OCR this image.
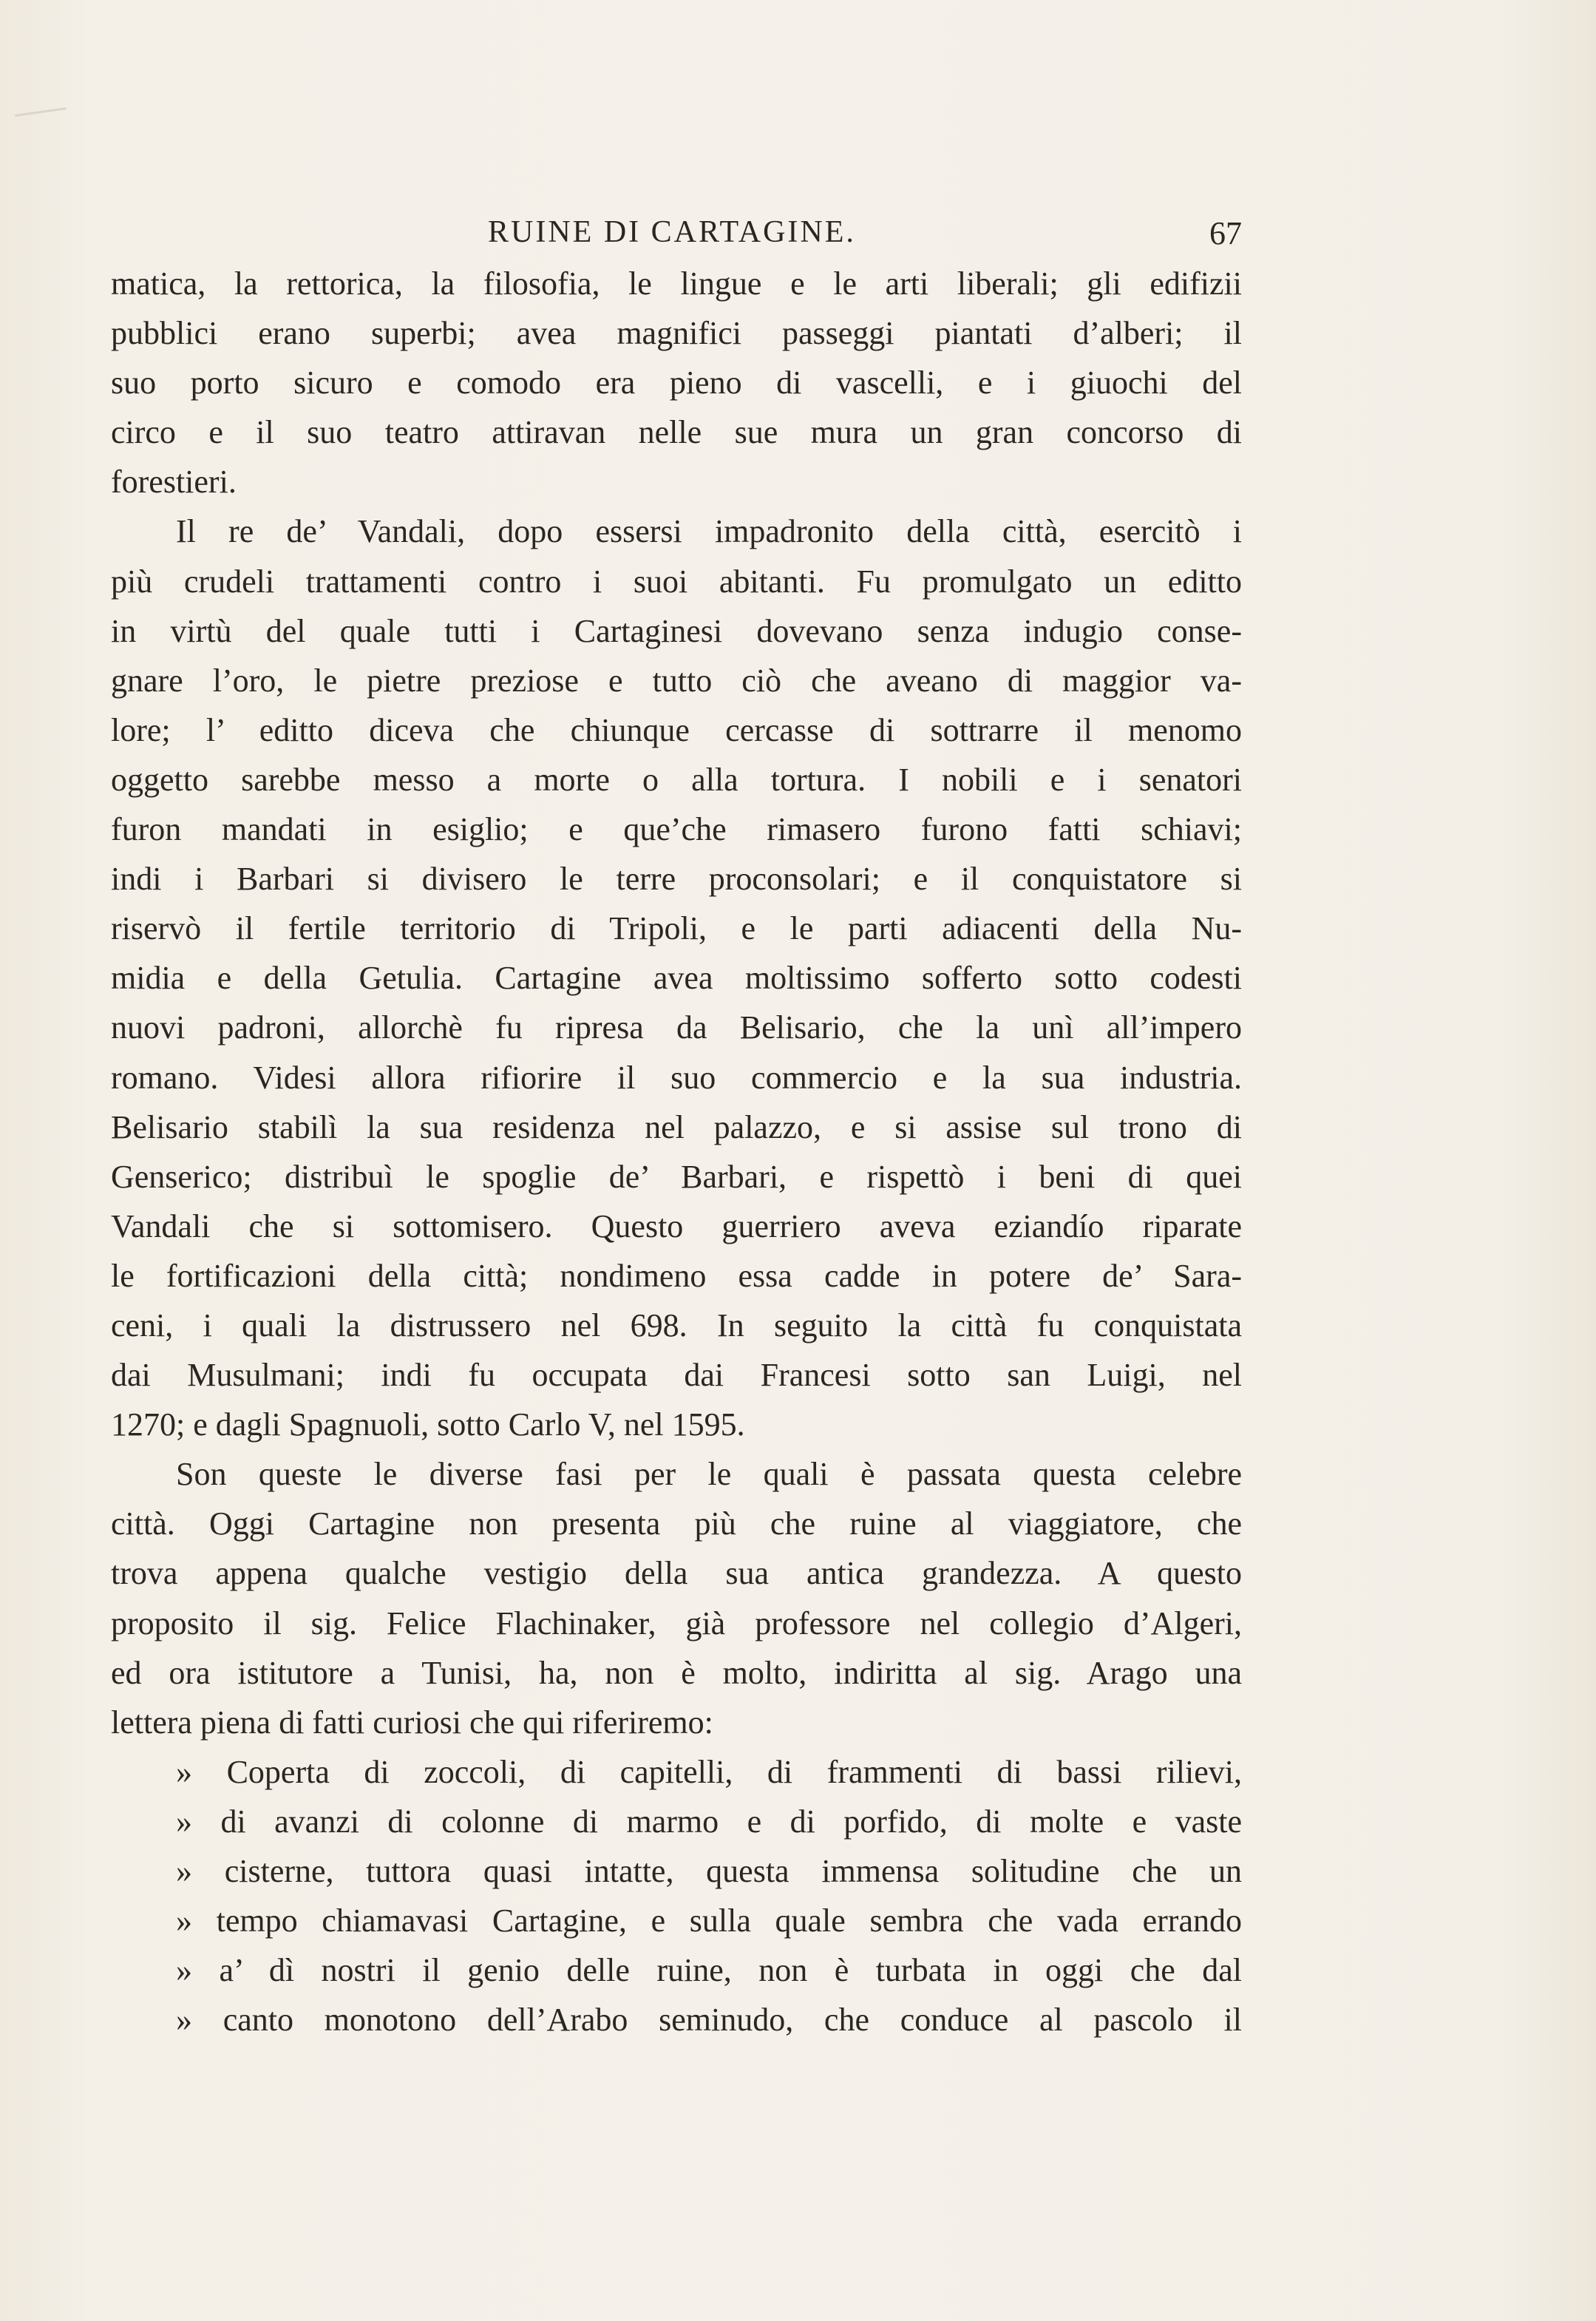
RUINE DI CARTAGINE.	67
matica, la rettorica, la filosofia, le lingue e le arti liberali; gli edifizii
pubblici erano superbi; avea magnifici passeggi piantati d’alberi; il
suo porto sicuro e comodo era pieno di vascelli, e i giuochi del
circo e il suo teatro attiravan nelle sue mura un gran concorso di
forestieri.
Il re de’ Vandali, dopo essersi impadronito della città, esercitò i
più crudeli trattamenti contro i suoi abitanti. Fu promulgato un editto
in virtù del quale tutti i Cartaginesi dovevano senza indugio conse-
gnare l’oro, le pietre preziose e tutto ciò che aveano di maggior va-
lore; l’ editto diceva che chiunque cercasse di sottrarre il menomo
oggetto sarebbe messo a morte o alla tortura. I nobili e i senatori
furon mandati in esiglio; e que’che rimasero furono fatti schiavi;
indi i Barbari si divisero le terre proconsolari; e il conquistatore si
riservò il fertile territorio di Tripoli, e le parti adiacenti della Nu-
midia e della Getulia. Cartagine avea moltissimo sofferto sotto codesti
nuovi padroni, allorchè fu ripresa da Belisario, che la unì all’impero
romano. Videsi allora rifiorire il suo commercio e la sua industria.
Belisario stabilì la sua residenza nel palazzo, e si assise sul trono di
Genserico; distribuì le spoglie de’ Barbari, e rispettò i beni di quei
Vandali che si sottomisero. Questo guerriero aveva eziandío riparate
le fortificazioni della città; nondimeno essa cadde in potere de’ Sara-
ceni, i quali la distrussero nel 698. In seguito la città fu conquistata
dai Musulmani; indi fu occupata dai Francesi sotto san Luigi, nel
1270; e dagli Spagnuoli, sotto Carlo V, nel 1595.
Son queste le diverse fasi per le quali è passata questa celebre
città. Oggi Cartagine non presenta più che ruine al viaggiatore, che
trova appena qualche vestigio della sua antica grandezza. A questo
proposito il sig. Felice Flachinaker, già professore nel collegio d’Algeri,
ed ora istitutore a Tunisi, ha, non è molto, indiritta al sig. Arago una
lettera piena di fatti curiosi che qui riferiremo:
» Coperta di zoccoli, di capitelli, di frammenti di bassi rilievi,
» di avanzi di colonne di marmo e di porfido, di molte e vaste
» cisterne, tuttora quasi intatte, questa immensa solitudine che un
» tempo chiamavasi Cartagine, e sulla quale sembra che vada errando
» a’ dì nostri il genio delle ruine, non è turbata in oggi che dal
» canto monotono dell’Arabo seminudo, che conduce al pascolo il
